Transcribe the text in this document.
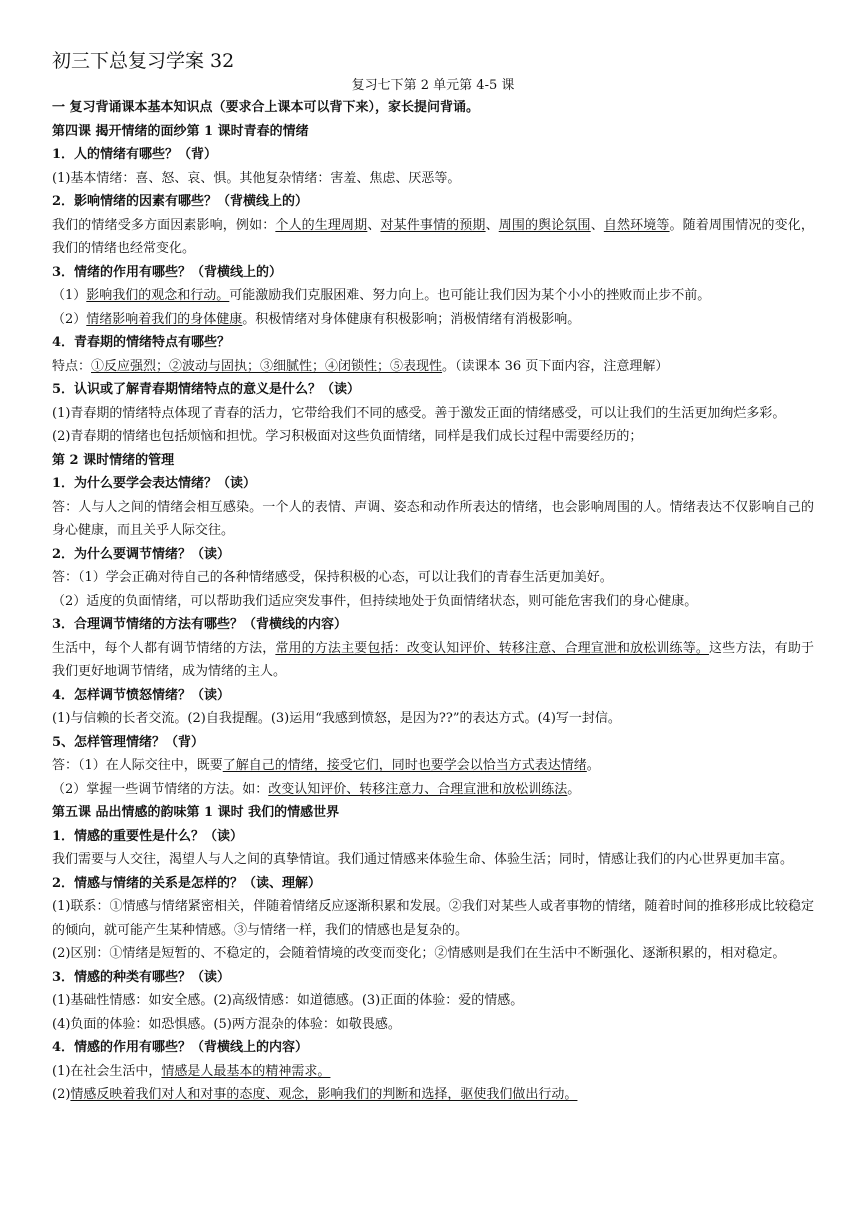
初三下总复习学案 32
复习七下第 2 单元第 4-5 课
一 复习背诵课本基本知识点（要求合上课本可以背下来），家长提问背诵。
第四课 揭开情绪的面纱第 1 课时青春的情绪
1．人的情绪有哪些？（背）
(1)基本情绪：喜、怒、哀、惧。其他复杂情绪：害羞、焦虑、厌恶等。
2．影响情绪的因素有哪些？（背横线上的）
我们的情绪受多方面因素影响，例如：个人的生理周期、对某件事情的预期、周围的舆论氛围、自然环境等。随着周围情况的变化，我们的情绪也经常变化。
3．情绪的作用有哪些？（背横线上的）
（1）影响我们的观念和行动。可能激励我们克服困难、努力向上。也可能让我们因为某个小小的挫败而止步不前。
（2）情绪影响着我们的身体健康。积极情绪对身体健康有积极影响；消极情绪有消极影响。
4．青春期的情绪特点有哪些？
特点：①反应强烈；②波动与固执；③细腻性；④闭锁性；⑤表现性。（读课本 36 页下面内容，注意理解）
5．认识或了解青春期情绪特点的意义是什么？（读）
(1)青春期的情绪特点体现了青春的活力，它带给我们不同的感受。善于激发正面的情绪感受，可以让我们的生活更加绚烂多彩。
(2)青春期的情绪也包括烦恼和担忧。学习积极面对这些负面情绪，同样是我们成长过程中需要经历的；
第 2 课时情绪的管理
1．为什么要学会表达情绪？（读）
答：人与人之间的情绪会相互感染。一个人的表情、声调、姿态和动作所表达的情绪，也会影响周围的人。情绪表达不仅影响自己的身心健康，而且关乎人际交往。
2．为什么要调节情绪？（读）
答：（1）学会正确对待自己的各种情绪感受，保持积极的心态，可以让我们的青春生活更加美好。
（2）适度的负面情绪，可以帮助我们适应突发事件，但持续地处于负面情绪状态，则可能危害我们的身心健康。
3．合理调节情绪的方法有哪些？（背横线的内容）
生活中，每个人都有调节情绪的方法，常用的方法主要包括：改变认知评价、转移注意、合理宣泄和放松训练等。这些方法，有助于我们更好地调节情绪，成为情绪的主人。
4．怎样调节愤怒情绪？（读）
(1)与信赖的长者交流。(2)自我提醒。(3)运用“我感到愤怒，是因为??”的表达方式。(4)写一封信。
5、怎样管理情绪？（背）
答：（1）在人际交往中，既要了解自己的情绪，接受它们，同时也要学会以恰当方式表达情绪。
（2）掌握一些调节情绪的方法。如：改变认知评价、转移注意力、合理宣泄和放松训练法。
第五课 品出情感的韵味第 1 课时 我们的情感世界
1．情感的重要性是什么？（读）
我们需要与人交往，渴望人与人之间的真挚情谊。我们通过情感来体验生命、体验生活；同时，情感让我们的内心世界更加丰富。
2．情感与情绪的关系是怎样的？（读、理解）
(1)联系：①情感与情绪紧密相关，伴随着情绪反应逐渐积累和发展。②我们对某些人或者事物的情绪，随着时间的推移形成比较稳定的倾向，就可能产生某种情感。③与情绪一样，我们的情感也是复杂的。
(2)区别：①情绪是短暂的、不稳定的，会随着情境的改变而变化；②情感则是我们在生活中不断强化、逐渐积累的，相对稳定。
3．情感的种类有哪些？（读）
(1)基础性情感：如安全感。(2)高级情感：如道德感。(3)正面的体验：爱的情感。
(4)负面的体验：如恐惧感。(5)两方混杂的体验：如敬畏感。
4．情感的作用有哪些？（背横线上的内容）
(1)在社会生活中，情感是人最基本的精神需求。
(2)情感反映着我们对人和对事的态度、观念，影响我们的判断和选择，驱使我们做出行动。
